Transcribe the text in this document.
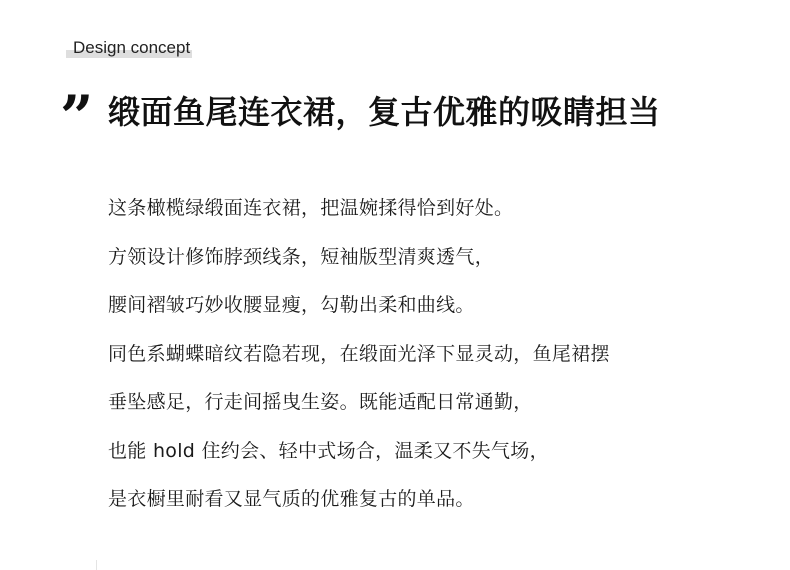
Design concept
” 缎面鱼尾连衣裙，复古优雅的吸睛担当
这条橄榄绿缎面连衣裙，把温婉揉得恰到好处。
方领设计修饰脖颈线条，短袖版型清爽透气，
腰间褶皱巧妙收腰显瘦，勾勒出柔和曲线。
同色系蝴蝶暗纹若隐若现，在缎面光泽下显灵动，鱼尾裙摆
垂坠感足，行走间摇曳生姿。既能适配日常通勤，
也能 hold 住约会、轻中式场合，温柔又不失气场，
是衣橱里耐看又显气质的优雅复古的单品。
